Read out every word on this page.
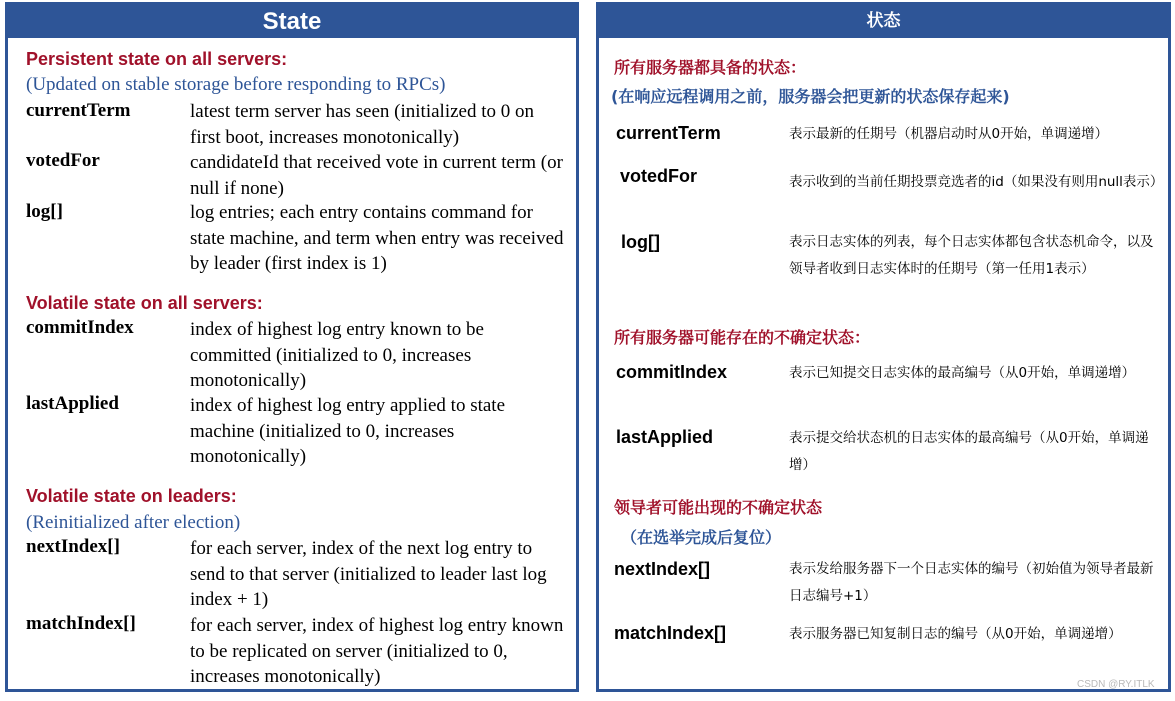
State
Persistent state on all servers:
(Updated on stable storage before responding to RPCs)
currentTerm	latest term server has seen (initialized to 0 on first boot, increases monotonically)
votedFor	candidateId that received vote in current term (or null if none)
log[]	log entries; each entry contains command for state machine, and term when entry was received by leader (first index is 1)
Volatile state on all servers:
commitIndex	index of highest log entry known to be committed (initialized to 0, increases monotonically)
lastApplied	index of highest log entry applied to state machine (initialized to 0, increases monotonically)
Volatile state on leaders:
(Reinitialized after election)
nextIndex[]	for each server, index of the next log entry to send to that server (initialized to leader last log index + 1)
matchIndex[]	for each server, index of highest log entry known to be replicated on server (initialized to 0, increases monotonically)
状态
所有服务器都具备的状态：
(在响应远程调用之前，服务器会把更新的状态保存起来)
currentTerm	表示最新的任期号（机器启动时从0开始，单调递增）
votedFor	表示收到的当前任期投票竞选者的id（如果没有则用null表示）
log[]	表示日志实体的列表，每个日志实体都包含状态机命令，以及领导者收到日志实体时的任期号（第一任用1表示）
所有服务器可能存在的不确定状态：
commitIndex	表示已知提交日志实体的最高编号（从0开始，单调递增）
lastApplied	表示提交给状态机的日志实体的最高编号（从0开始，单调递增）
领导者可能出现的不确定状态
（在选举完成后复位）
nextIndex[]	表示发给服务器下一个日志实体的编号（初始值为领导者最新日志编号+1）
matchIndex[]	表示服务器已知复制日志的编号（从0开始，单调递增）
CSDN @RY.ITLK
